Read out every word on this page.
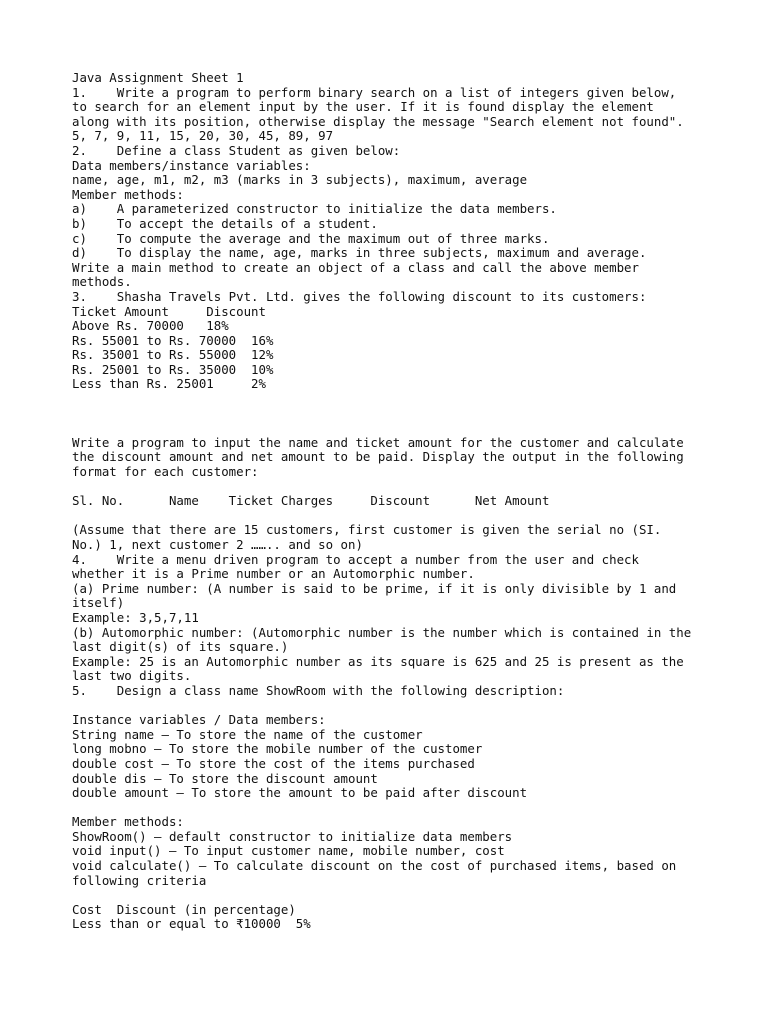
Java Assignment Sheet 1
1.    Write a program to perform binary search on a list of integers given below,
to search for an element input by the user. If it is found display the element
along with its position, otherwise display the message "Search element not found".
5, 7, 9, 11, 15, 20, 30, 45, 89, 97
2.    Define a class Student as given below:
Data members/instance variables:
name, age, m1, m2, m3 (marks in 3 subjects), maximum, average
Member methods:
a)    A parameterized constructor to initialize the data members.
b)    To accept the details of a student.
c)    To compute the average and the maximum out of three marks.
d)    To display the name, age, marks in three subjects, maximum and average.
Write a main method to create an object of a class and call the above member
methods.
3.    Shasha Travels Pvt. Ltd. gives the following discount to its customers:
Ticket Amount     Discount
Above Rs. 70000   18%
Rs. 55001 to Rs. 70000  16%
Rs. 35001 to Rs. 55000  12%
Rs. 25001 to Rs. 35000  10%
Less than Rs. 25001     2%
Write a program to input the name and ticket amount for the customer and calculate
the discount amount and net amount to be paid. Display the output in the following
format for each customer:
Sl. No.      Name    Ticket Charges     Discount      Net Amount
(Assume that there are 15 customers, first customer is given the serial no (SI.
No.) 1, next customer 2 …….. and so on)
4.    Write a menu driven program to accept a number from the user and check
whether it is a Prime number or an Automorphic number.
(a) Prime number: (A number is said to be prime, if it is only divisible by 1 and
itself)
Example: 3,5,7,11
(b) Automorphic number: (Automorphic number is the number which is contained in the
last digit(s) of its square.)
Example: 25 is an Automorphic number as its square is 625 and 25 is present as the
last two digits.
5.    Design a class name ShowRoom with the following description:
Instance variables / Data members:
String name — To store the name of the customer
long mobno — To store the mobile number of the customer
double cost — To store the cost of the items purchased
double dis — To store the discount amount
double amount — To store the amount to be paid after discount
Member methods:
ShowRoom() — default constructor to initialize data members
void input() — To input customer name, mobile number, cost
void calculate() — To calculate discount on the cost of purchased items, based on
following criteria
Cost  Discount (in percentage)
Less than or equal to ₹10000  5%
